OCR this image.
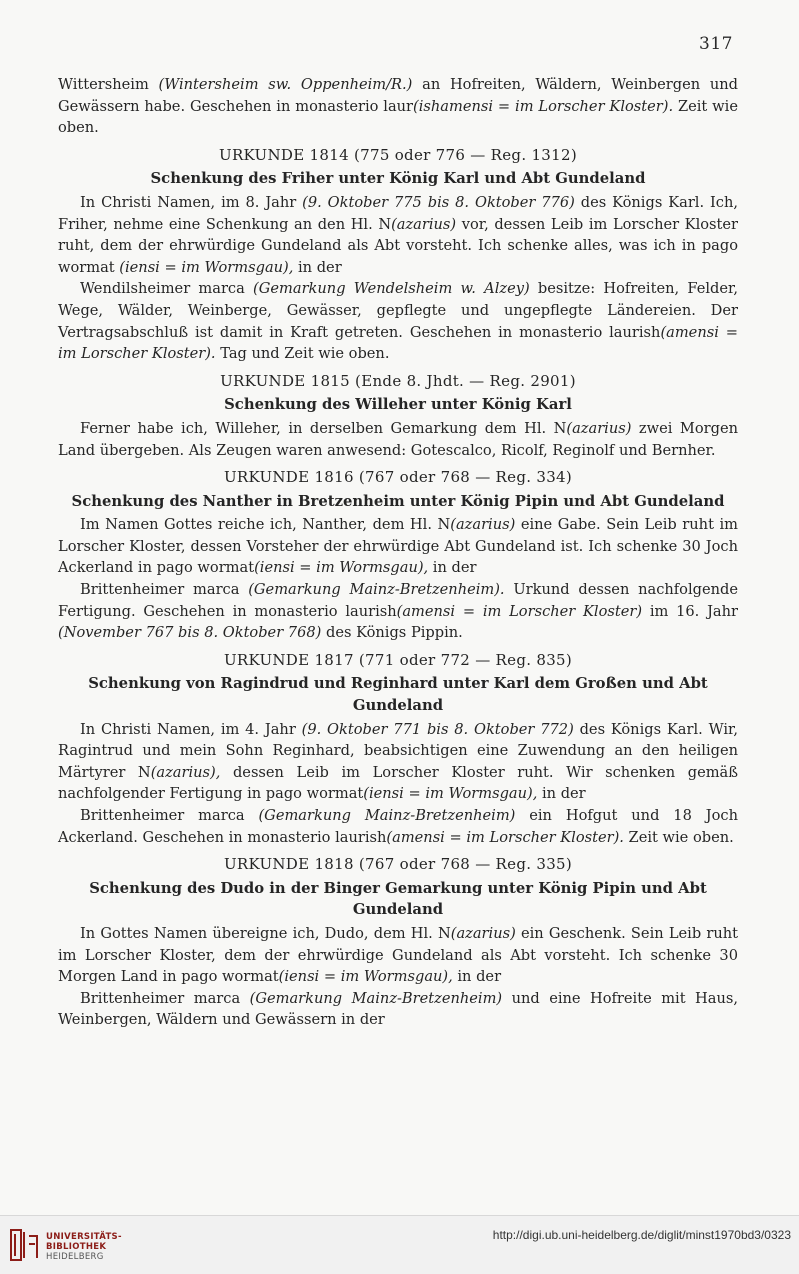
317

Wittersheim (Wintersheim sw. Oppenheim/R.) an Hofreiten, Wäldern, Weinbergen und Gewässern habe. Geschehen in monasterio laur(ishamensi = im Lorscher Kloster). Zeit wie oben.

URKUNDE 1814 (775 oder 776 — Reg. 1312)
Schenkung des Friher unter König Karl und Abt Gundeland

In Christi Namen, im 8. Jahr (9. Oktober 775 bis 8. Oktober 776) des Königs Karl. Ich, Friher, nehme eine Schenkung an den Hl. N(azarius) vor, dessen Leib im Lorscher Kloster ruht, dem der ehrwürdige Gundeland als Abt vorsteht. Ich schenke alles, was ich in pago wormat (iensi = im Wormsgau), in der

Wendilsheimer marca (Gemarkung Wendelsheim w. Alzey) besitze: Hofreiten, Felder, Wege, Wälder, Weinberge, Gewässer, gepflegte und ungepflegte Ländereien. Der Vertragsabschluß ist damit in Kraft getreten. Geschehen in monasterio laurish(amensi = im Lorscher Kloster). Tag und Zeit wie oben.

URKUNDE 1815 (Ende 8. Jhdt. — Reg. 2901)
Schenkung des Willeher unter König Karl

Ferner habe ich, Willeher, in derselben Gemarkung dem Hl. N(azarius) zwei Morgen Land übergeben. Als Zeugen waren anwesend: Gotescalco, Ricolf, Reginolf und Bernher.

URKUNDE 1816 (767 oder 768 — Reg. 334)
Schenkung des Nanther in Bretzenheim unter König Pipin und Abt Gundeland

Im Namen Gottes reiche ich, Nanther, dem Hl. N(azarius) eine Gabe. Sein Leib ruht im Lorscher Kloster, dessen Vorsteher der ehrwürdige Abt Gundeland ist. Ich schenke 30 Joch Ackerland in pago wormat(iensi = im Wormsgau), in der

Brittenheimer marca (Gemarkung Mainz-Bretzenheim). Urkund dessen nachfolgende Fertigung. Geschehen in monasterio laurish(amensi = im Lorscher Kloster) im 16. Jahr (November 767 bis 8. Oktober 768) des Königs Pippin.

URKUNDE 1817 (771 oder 772 — Reg. 835)
Schenkung von Ragindrud und Reginhard unter Karl dem Großen und Abt Gundeland

In Christi Namen, im 4. Jahr (9. Oktober 771 bis 8. Oktober 772) des Königs Karl. Wir, Ragintrud und mein Sohn Reginhard, beabsichtigen eine Zuwendung an den heiligen Märtyrer N(azarius), dessen Leib im Lorscher Kloster ruht. Wir schenken gemäß nachfolgender Fertigung in pago wormat(iensi = im Wormsgau), in der

Brittenheimer marca (Gemarkung Mainz-Bretzenheim) ein Hofgut und 18 Joch Ackerland. Geschehen in monasterio laurish(amensi = im Lorscher Kloster). Zeit wie oben.

URKUNDE 1818 (767 oder 768 — Reg. 335)
Schenkung des Dudo in der Binger Gemarkung unter König Pipin und Abt Gundeland

In Gottes Namen übereigne ich, Dudo, dem Hl. N(azarius) ein Geschenk. Sein Leib ruht im Lorscher Kloster, dem der ehrwürdige Gundeland als Abt vorsteht. Ich schenke 30 Morgen Land in pago wormat(iensi = im Wormsgau), in der

Brittenheimer marca (Gemarkung Mainz-Bretzenheim) und eine Hofreite mit Haus, Weinbergen, Wäldern und Gewässern in der

UNIVERSITÄTS-
BIBLIOTHEK
HEIDELBERG
http://digi.ub.uni-heidelberg.de/diglit/minst1970bd3/0323
